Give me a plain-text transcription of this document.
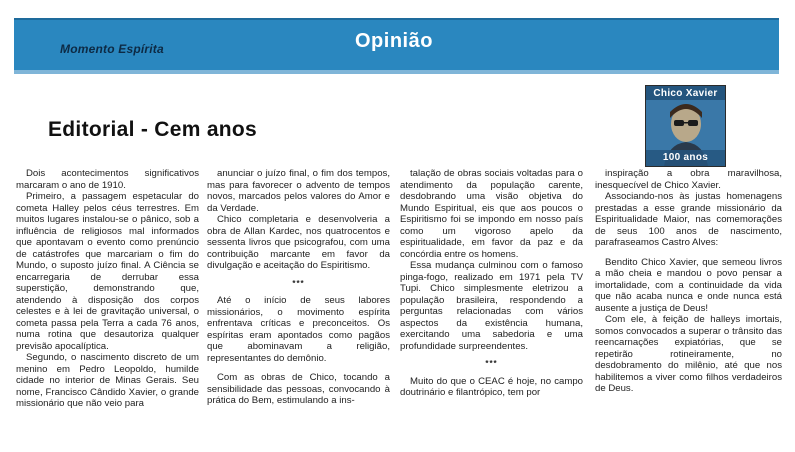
Momento Espírita	Opinião
Chico Xavier
100 anos
Editorial - Cem anos

Dois acontecimentos significativos marcaram o ano de 1910.

Primeiro, a passagem espetacular do cometa Halley pelos céus terrestres. Em muitos lugares instalou-se o pânico, sob a influência de religiosos mal informados que apontavam o evento como prenúncio de catástrofes que marcariam o fim do Mundo, o suposto juízo final. A Ciência se encarregaria de derrubar essa superstição, demonstrando que, atendendo à disposição dos corpos celestes e à lei de gravitação universal, o cometa passa pela Terra a cada 76 anos, numa rotina que desautoriza qualquer previsão apocalíptica.

Segundo, o nascimento discreto de um menino em Pedro Leopoldo, humilde cidade no interior de Minas Gerais. Seu nome, Francisco Cândido Xavier, o grande missionário que não veio para

anunciar o juízo final, o fim dos tempos, mas para favorecer o advento de tempos novos, marcados pelos valores do Amor e da Verdade.

Chico completaria e desenvolveria a obra de Allan Kardec, nos quatrocentos e sessenta livros que psicografou, com uma contribuição marcante em favor da divulgação e aceitação do Espiritismo.

***

Até o início de seus labores missionários, o movimento espírita enfrentava críticas e preconceitos. Os espíritas eram apontados como pagãos que abominavam a religião, representantes do demônio.

Com as obras de Chico, tocando a sensibilidade das pessoas, convocando à prática do Bem, estimulando a ins-

talação de obras sociais voltadas para o atendimento da população carente, desdobrando uma visão objetiva do Mundo Espiritual, eis que aos poucos o Espiritismo foi se impondo em nosso país como um vigoroso apelo da espiritualidade, em favor da paz e da concórdia entre os homens.

Essa mudança culminou com o famoso pinga-fogo, realizado em 1971 pela TV Tupi. Chico simplesmente eletrizou a população brasileira, respondendo a perguntas relacionadas com vários aspectos da existência humana, exercitando uma sabedoria e uma profundidade surpreendentes.

***

Muito do que o CEAC é hoje, no campo doutrinário e filantrópico, tem por

inspiração a obra maravilhosa, inesquecível de Chico Xavier.

Associando-nos às justas homenagens prestadas a esse grande missionário da Espiritualidade Maior, nas comemorações de seus 100 anos de nascimento, parafraseamos Castro Alves:

Bendito Chico Xavier, que semeou livros a mão cheia e mandou o povo pensar a imortalidade, com a continuidade da vida que não acaba nunca e onde nunca está ausente a justiça de Deus!

Com ele, à feição de halleys imortais, somos convocados a superar o trânsito das reencarnações expiatórias, que se repetirão rotineiramente, no desdobramento do milênio, até que nos habilitemos a viver como filhos verdadeiros de Deus.
